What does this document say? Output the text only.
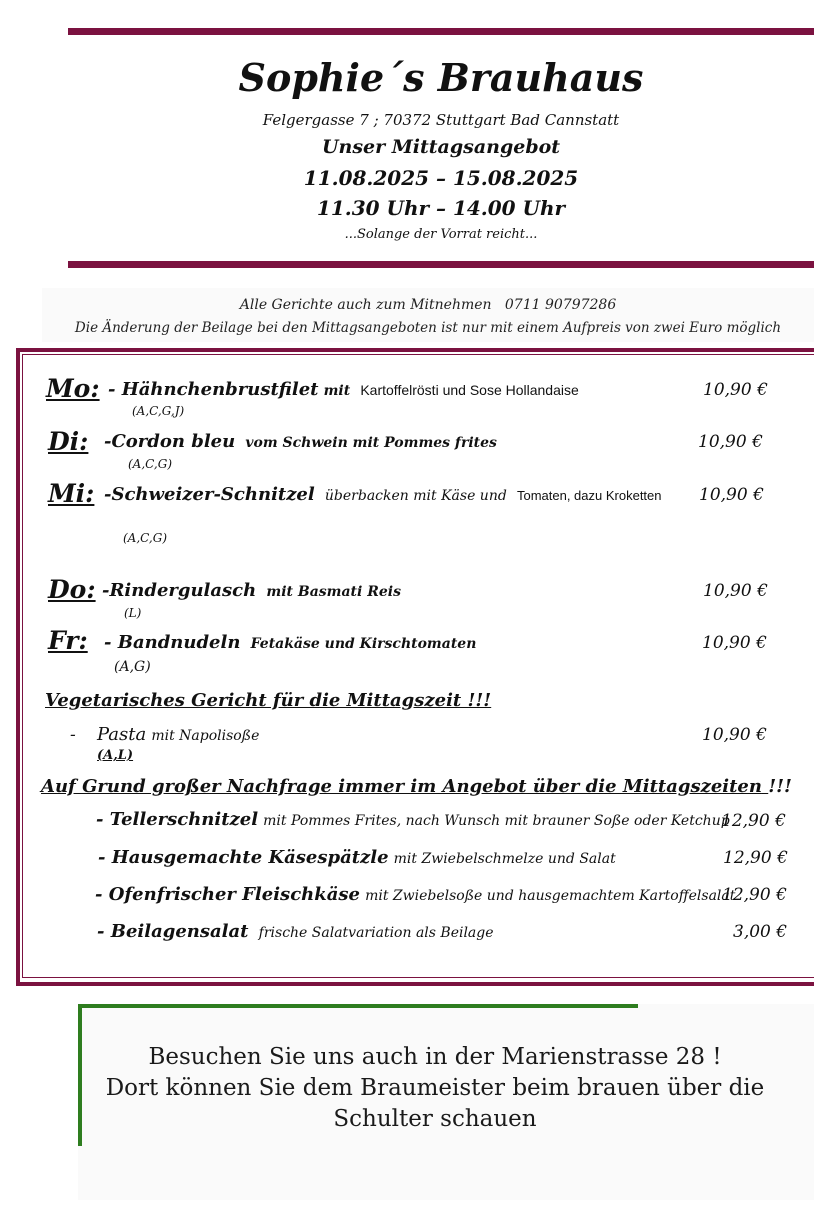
Sophie´s Brauhaus
Felgergasse 7 ; 70372 Stuttgart Bad Cannstatt
Unser Mittagsangebot
11.08.2025 – 15.08.2025
11.30 Uhr – 14.00 Uhr
...Solange der Vorrat reicht...
Alle Gerichte auch zum Mitnehmen 0711 90797286
Die Änderung der Beilage bei den Mittagsangeboten ist nur mit einem Aufpreis von zwei Euro möglich
Mo: - Hähnchenbrustfilet mit Kartoffelrösti und Sose Hollandaise
(A,C,G,J)
10,90 €
Di: -Cordon bleu vom Schwein mit Pommes frites
(A,C,G)
10,90 €
Mi: -Schweizer-Schnitzel überbacken mit Käse und Tomaten, dazu Kroketten
(A,C,G)
10,90 €
Do: -Rindergulasch mit Basmati Reis
(L)
10,90 €
Fr: - Bandnudeln Fetakäse und Kirschtomaten
(A,G)
10,90 €
Vegetarisches Gericht für die Mittagszeit !!!
- Pasta mit Napolisoße
(A,L)
10,90 €
Auf Grund großer Nachfrage immer im Angebot über die Mittagszeiten !!!
- Tellerschnitzel mit Pommes Frites, nach Wunsch mit brauner Soße oder Ketchup
12,90 €
- Hausgemachte Käsespätzle mit Zwiebelschmelze und Salat	12,90 €
- Ofenfrischer Fleischkäse mit Zwiebelsoße und hausgemachtem Kartoffelsalat
12,90 €
- Beilagensalat frische Salatvariation als Beilage	3,00 €
Besuchen Sie uns auch in der Marienstrasse 28 !
Dort können Sie dem Braumeister beim brauen über die
Schulter schauen
